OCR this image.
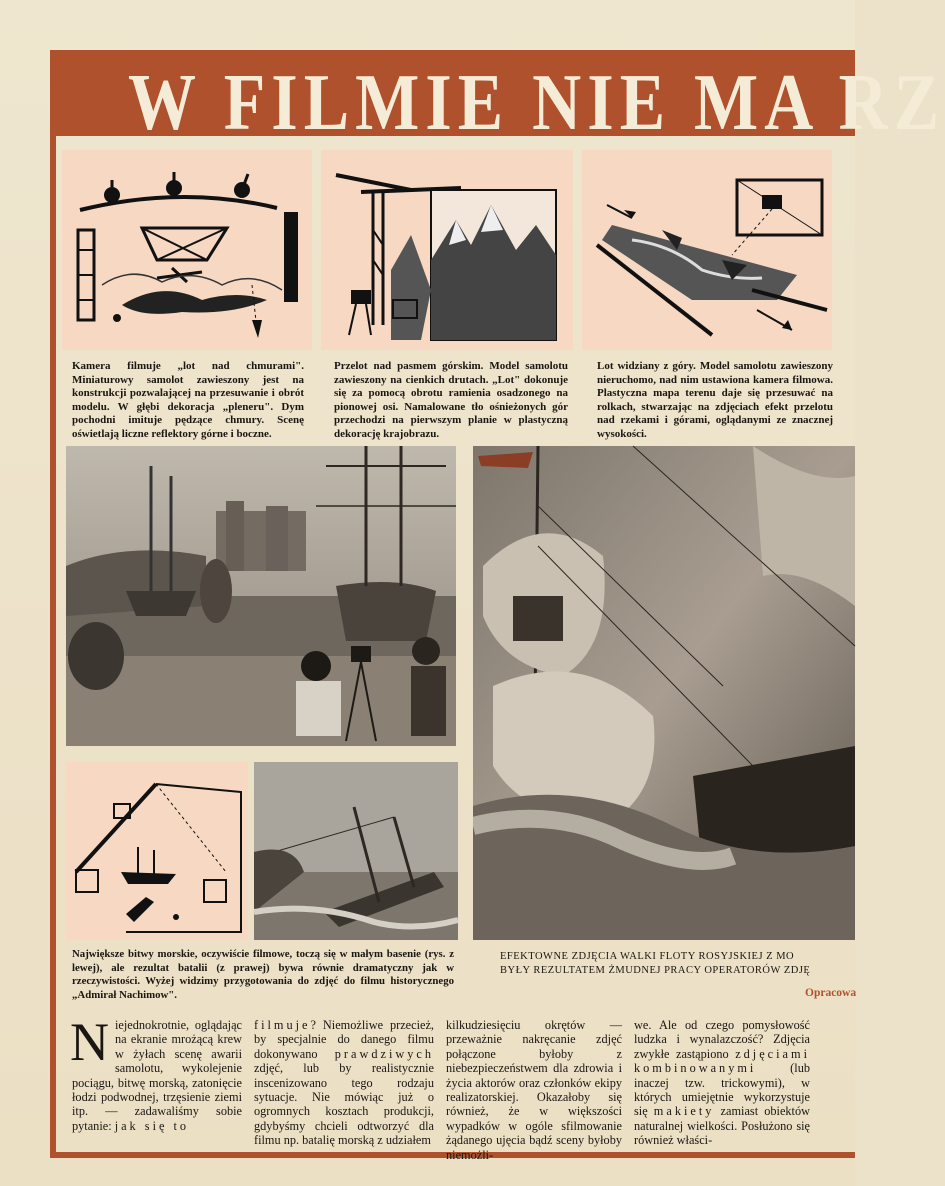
W FILMIE NIE MA RZ
Kamera filmuje „lot nad chmurami". Miniaturowy samolot zawieszony jest na konstrukcji pozwalającej na przesuwanie i obrót modelu. W głębi dekoracja „pleneru". Dym pochodni imituje pędzące chmury. Scenę oświetlają liczne reflektory górne i boczne.
Przelot nad pasmem górskim. Model samolotu zawieszony na cienkich drutach. „Lot" dokonuje się za pomocą obrotu ramienia osadzonego na pionowej osi. Namalowane tło ośnieżonych gór przechodzi na pierwszym planie w plastyczną dekorację krajobrazu.
Lot widziany z góry. Model samolotu zawieszony nieruchomo, nad nim ustawiona kamera filmowa. Plastyczna mapa terenu daje się przesuwać na rolkach, stwarzając na zdjęciach efekt przelotu nad rzekami i górami, oglądanymi ze znacznej wysokości.
Największe bitwy morskie, oczywiście filmowe, toczą się w małym basenie (rys. z lewej), ale rezultat batalii (z prawej) bywa równie dramatyczny jak w rzeczywistości. Wyżej widzimy przygotowania do zdjęć do filmu historycznego „Admirał Nachimow".
EFEKTOWNE ZDJĘCIA WALKI FLOTY ROSYJSKIEJ Z MO
BYŁY REZULTATEM ŻMUDNEJ PRACY OPERATORÓW ZDJĘ
Opracowa
Niejednokrotnie, oglądając na ekranie mrożącą krew w żyłach scenę awarii samolotu, wykolejenie pociągu, bitwę morską, zatonięcie łodzi podwodnej, trzęsienie ziemi itp. — zadawaliśmy sobie pytanie: jak się to
filmuje? Niemożliwe przecież, by specjalnie do danego filmu dokonywano prawdziwych zdjęć, lub by realistycznie inscenizowano tego rodzaju sytuacje. Nie mówiąc już o ogromnych kosztach produkcji, gdybyśmy chcieli odtworzyć dla filmu np. batalię morską z udziałem
kilkudziesięciu okrętów — przeważnie nakręcanie zdjęć połączone byłoby z niebezpieczeństwem dla zdrowia i życia aktorów oraz członków ekipy realizatorskiej. Okazałoby się również, że w większości wypadków w ogóle sfilmowanie żądanego ujęcia bądź sceny byłoby niemożli-
we. Ale od czego pomysłowość ludzka i wynalazczość? Zdjęcia zwykłe zastąpiono zdjęciami kombinowanymi (lub inaczej tzw. trickowymi), w których umiejętnie wykorzystuje się makiety zamiast obiektów naturalnej wielkości. Posłużono się również właści-
